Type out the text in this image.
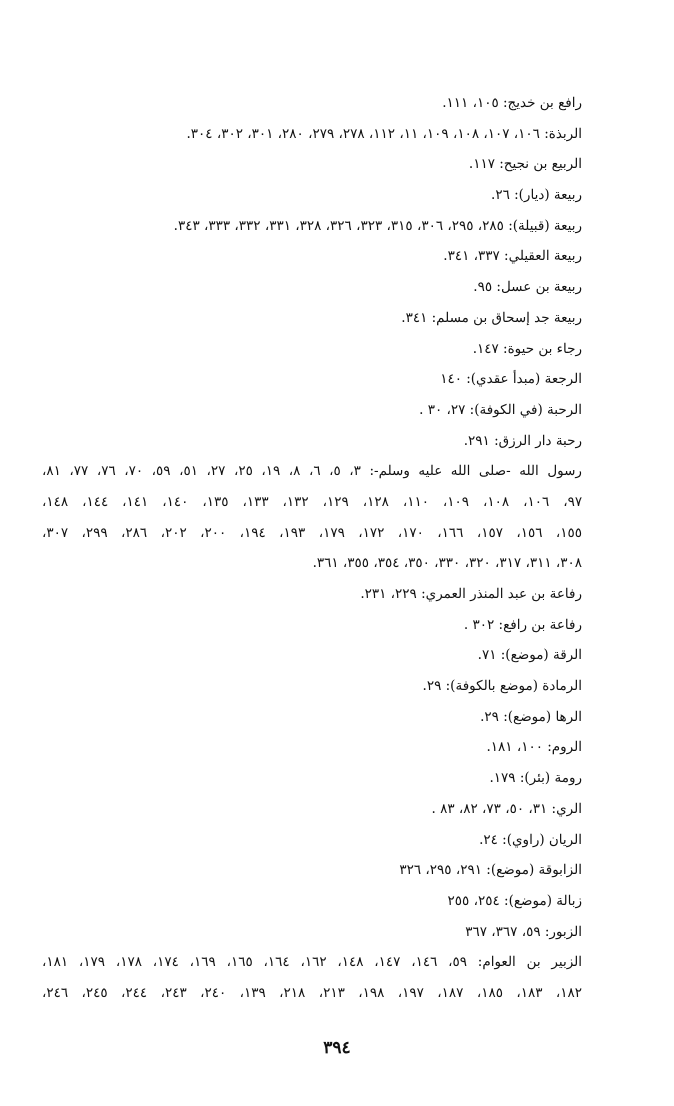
رافع بن خديج: ١٠٥، ١١١.
الربذة: ١٠٦، ١٠٧، ١٠٨، ١٠٩، ١١، ١١٢، ٢٧٨، ٢٧٩، ٢٨٠، ٣٠١، ٣٠٢، ٣٠٤.
الربيع بن نجيح: ١١٧.
ربيعة (ديار): ٢٦.
ربيعة (قبيلة): ٢٨٥، ٢٩٥، ٣٠٦، ٣١٥، ٣٢٣، ٣٢٦، ٣٢٨، ٣٣١، ٣٣٢، ٣٣٣، ٣٤٣.
ربيعة العقيلي: ٣٣٧، ٣٤١.
ربيعة بن عسل: ٩٥.
ربيعة جد إسحاق بن مسلم: ٣٤١.
رجاء بن حيوة: ١٤٧.
الرجعة (مبدأ عقدي): ١٤٠
الرحبة (في الكوفة): ٢٧، ٣٠ .
رحبة دار الرزق: ٢٩١.
رسول الله -صلى الله عليه وسلم-: ٣، ٥، ٦، ٨، ١٩، ٢٥، ٢٧، ٥١، ٥٩، ٧٠، ٧٦، ٧٧، ٨١،
٩٧، ١٠٦، ١٠٨، ١٠٩، ١١٠، ١٢٨، ١٢٩، ١٣٢، ١٣٣، ١٣٥، ١٤٠، ١٤١، ١٤٤، ١٤٨،
١٥٥، ١٥٦، ١٥٧، ١٦٦، ١٧٠، ١٧٢، ١٧٩، ١٩٣، ١٩٤، ٢٠٠، ٢٠٢، ٢٨٦، ٢٩٩، ٣٠٧،
٣٠٨، ٣١١، ٣١٧، ٣٢٠، ٣٣٠، ٣٥٠، ٣٥٤، ٣٥٥، ٣٦١.
رفاعة بن عبد المنذر العمري: ٢٢٩، ٢٣١.
رفاعة بن رافع: ٣٠٢ .
الرقة (موضع): ٧١.
الرمادة (موضع بالكوفة): ٢٩.
الرها (موضع): ٢٩.
الروم: ١٠٠، ١٨١.
رومة (بئر): ١٧٩.
الري: ٣١، ٥٠، ٧٣، ٨٢، ٨٣ .
الريان (راوي): ٢٤.
الزابوقة (موضع): ٢٩١، ٢٩٥، ٣٢٦
زبالة (موضع): ٢٥٤، ٢٥٥
الزبور: ٥٩، ٣٦٧، ٣٦٧
الزبير بن العوام: ٥٩، ١٤٦، ١٤٧، ١٤٨، ١٦٢، ١٦٤، ١٦٥، ١٦٩، ١٧٤، ١٧٨، ١٧٩، ١٨١،
١٨٢، ١٨٣، ١٨٥، ١٨٧، ١٩٧، ١٩٨، ٢١٣، ٢١٨، ١٣٩، ٢٤٠، ٢٤٣، ٢٤٤، ٢٤٥، ٢٤٦،
٣٩٤
